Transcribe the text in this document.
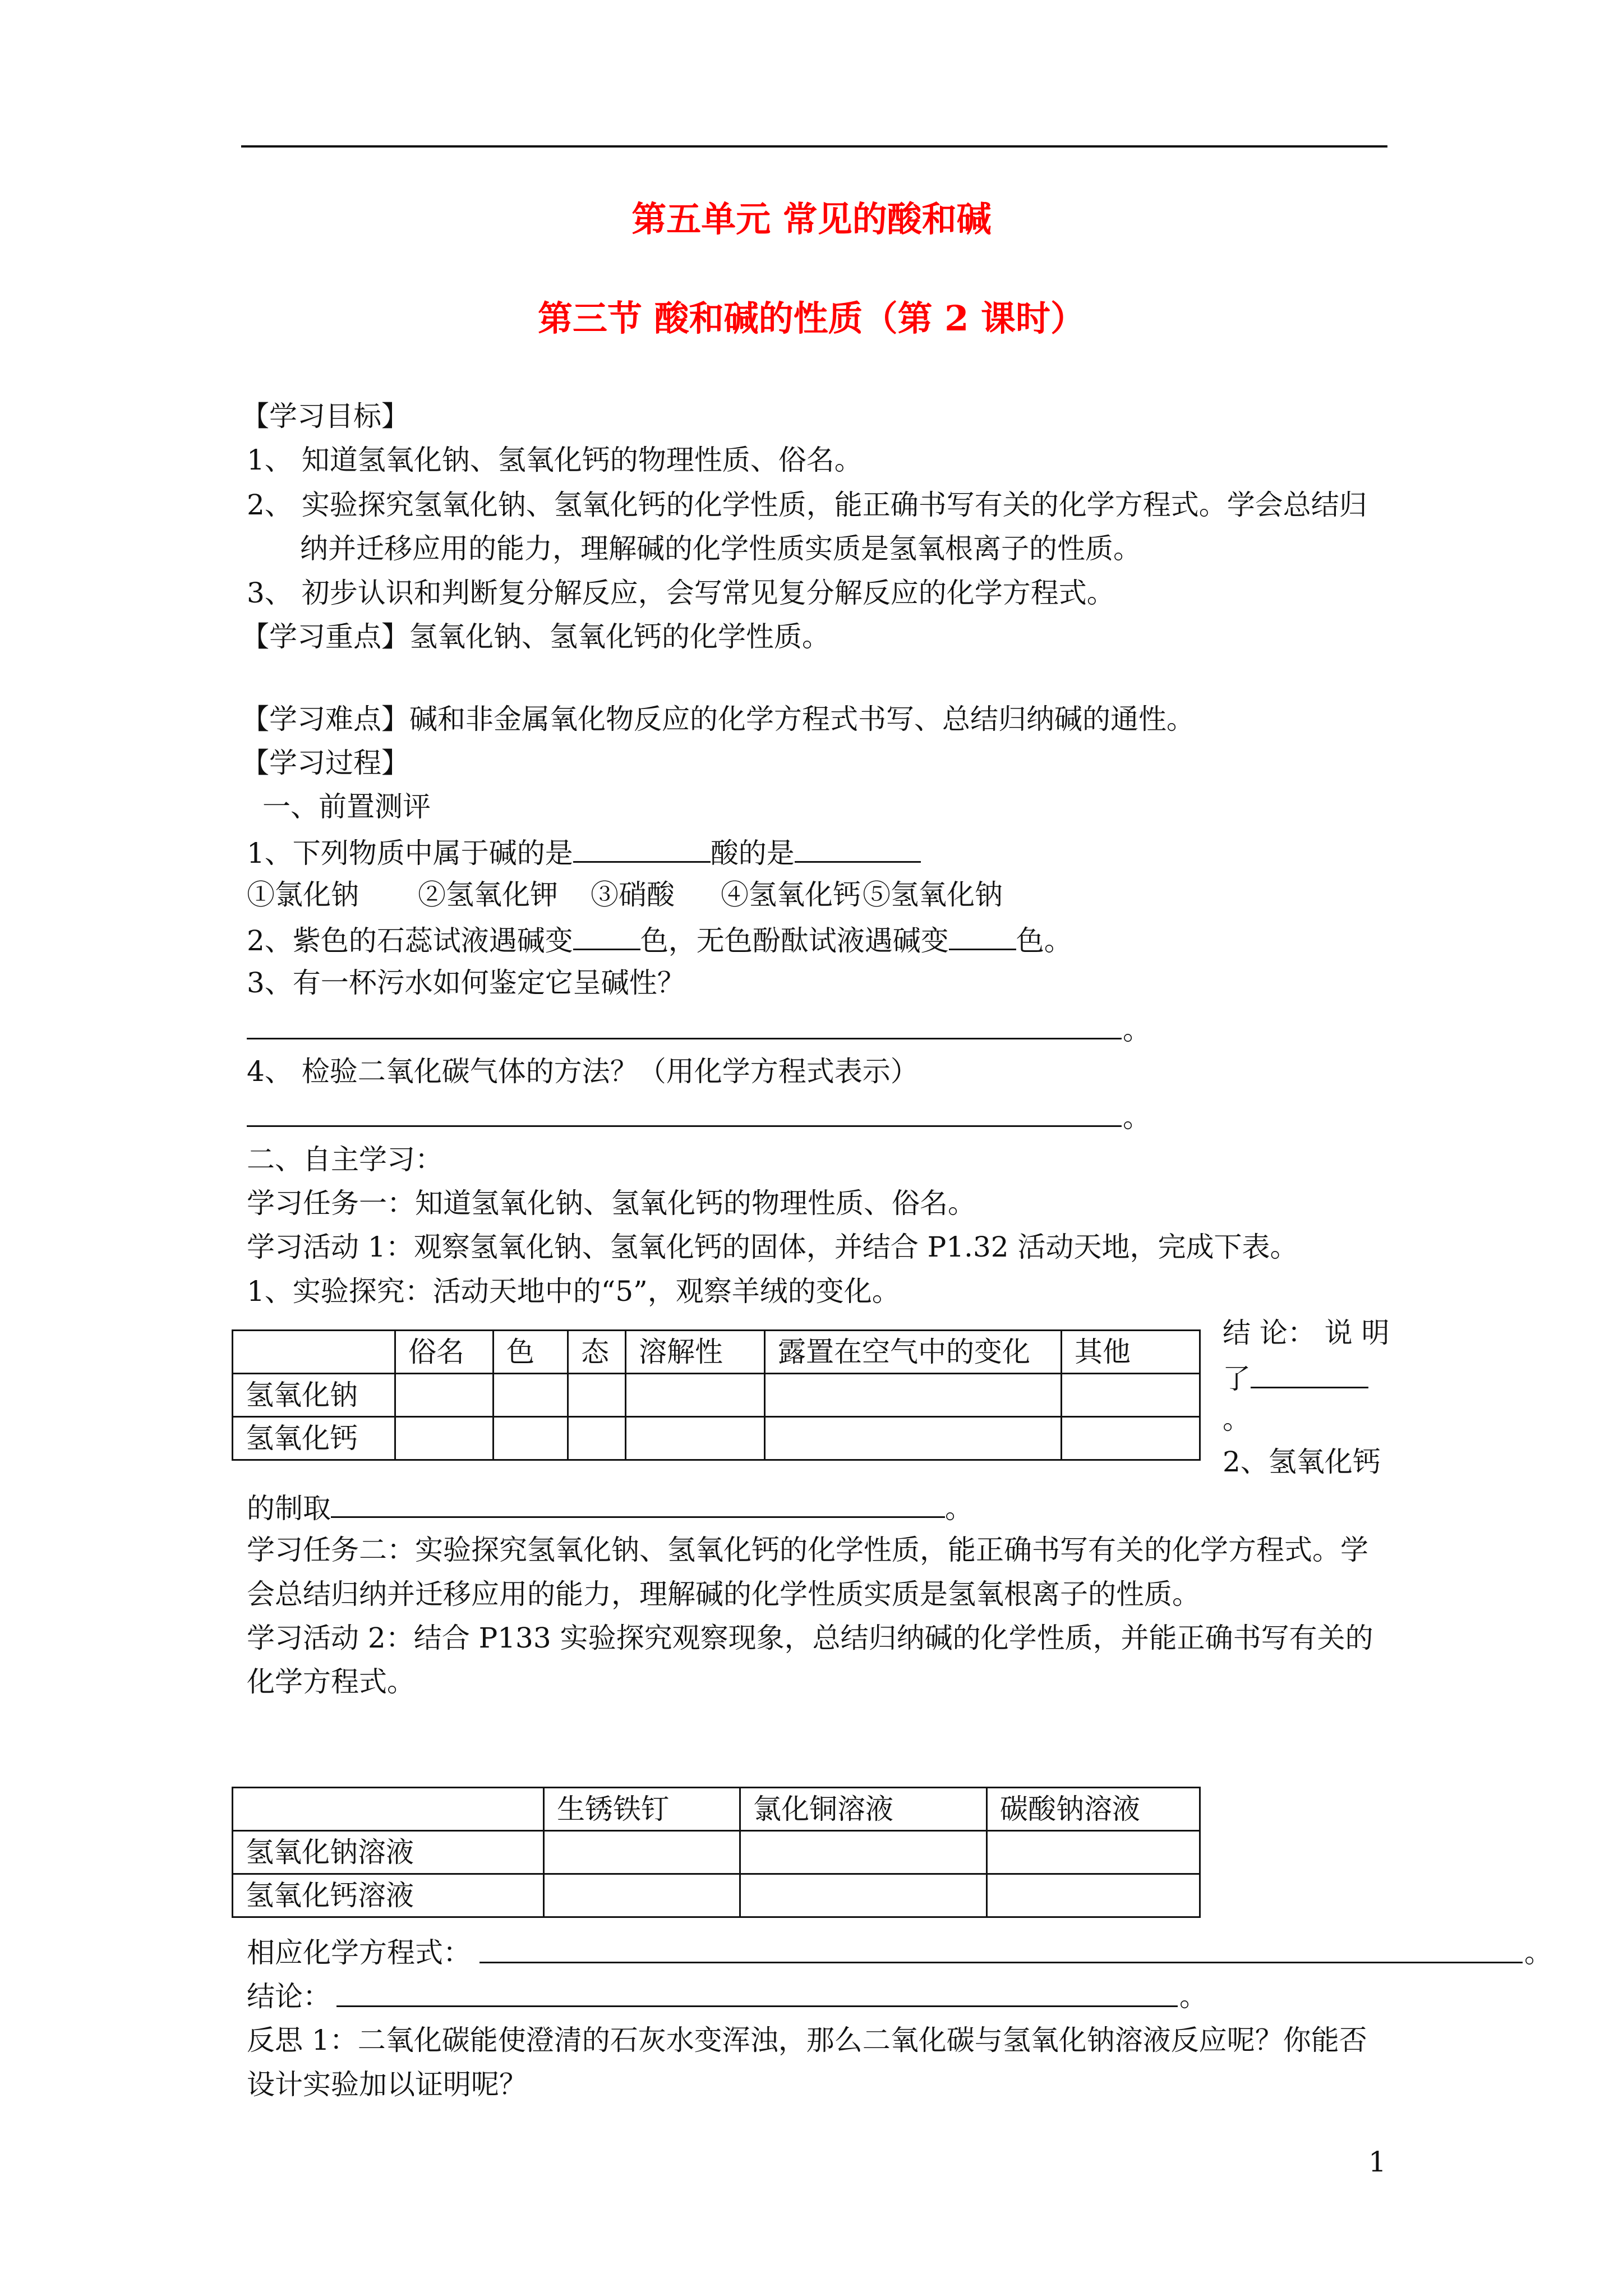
第五单元 常见的酸和碱
第三节 酸和碱的性质（第 2 课时）
【学习目标】
1、 知道氢氧化钠、氢氧化钙的物理性质、俗名。
2、 实验探究氢氧化钠、氢氧化钙的化学性质，能正确书写有关的化学方程式。学会总结归
纳并迁移应用的能力，理解碱的化学性质实质是氢氧根离子的性质。
3、 初步认识和判断复分解反应，会写常见复分解反应的化学方程式。
【学习重点】氢氧化钠、氢氧化钙的化学性质。
【学习难点】碱和非金属氧化物反应的化学方程式书写、总结归纳碱的通性。
【学习过程】
一、前置测评
1、下列物质中属于碱的是	酸的是
①氯化钠 ②氢氧化钾 ③硝酸 ④氢氧化钙 ⑤氢氧化钠
2、紫色的石蕊试液遇碱变 色，无色酚酞试液遇碱变 色。
3、有一杯污水如何鉴定它呈碱性？
。
4、 检验二氧化碳气体的方法？（用化学方程式表示）
。
二、自主学习：
学习任务一：知道氢氧化钠、氢氧化钙的物理性质、俗名。
学习活动 1：观察氢氧化钠、氢氧化钙的固体，并结合 P1.32 活动天地，完成下表。
1、实验探究：活动天地中的“5”，观察羊绒的变化。
	俗名	色	态	溶解性	露置在空气中的变化	其他
氢氧化钠						
氢氧化钙						
结 论： 说 明
了
。
2、氢氧化钙
的制取	。
学习任务二：实验探究氢氧化钠、氢氧化钙的化学性质，能正确书写有关的化学方程式。学
会总结归纳并迁移应用的能力，理解碱的化学性质实质是氢氧根离子的性质。
学习活动 2：结合 P133 实验探究观察现象，总结归纳碱的化学性质，并能正确书写有关的
化学方程式。
	生锈铁钉	氯化铜溶液	碳酸钠溶液
氢氧化钠溶液			
氢氧化钙溶液			
相应化学方程式：	。
结论：	。
反思 1：二氧化碳能使澄清的石灰水变浑浊，那么二氧化碳与氢氧化钠溶液反应呢？你能否
设计实验加以证明呢？
1
